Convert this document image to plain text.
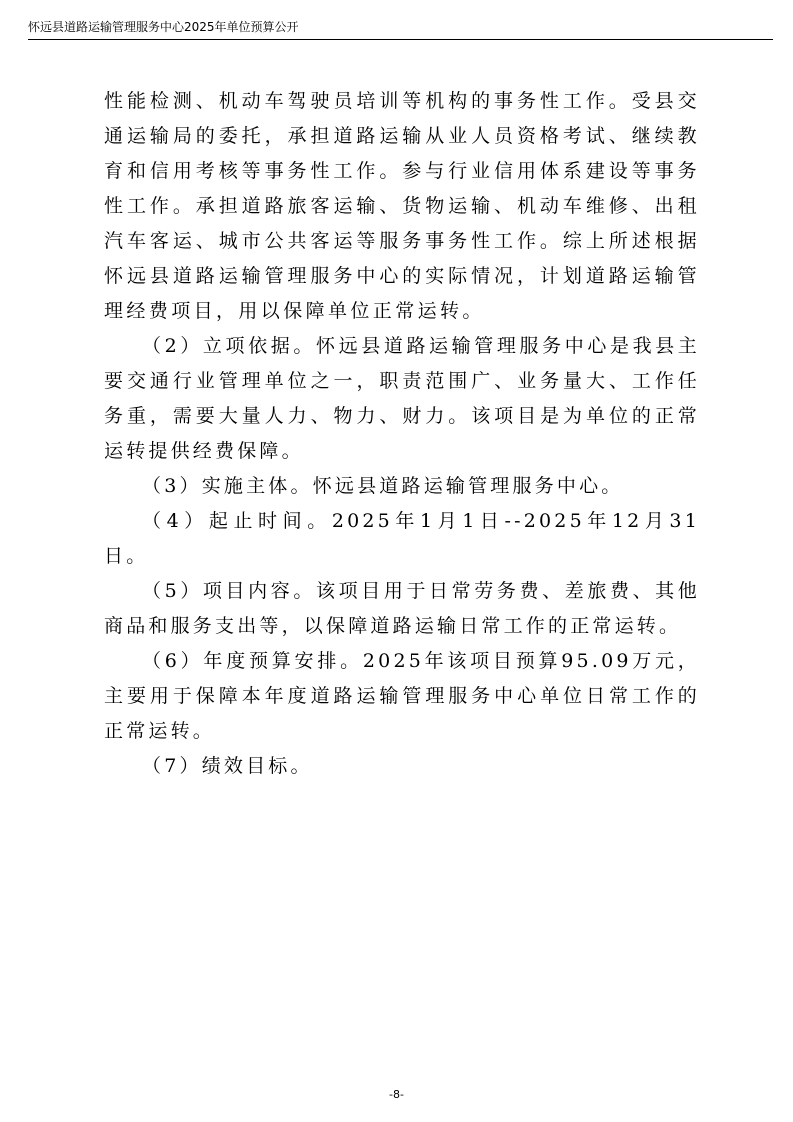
怀远县道路运输管理服务中心2025年单位预算公开

性能检测、机动车驾驶员培训等机构的事务性工作。受县交通运输局的委托，承担道路运输从业人员资格考试、继续教育和信用考核等事务性工作。参与行业信用体系建设等事务性工作。承担道路旅客运输、货物运输、机动车维修、出租汽车客运、城市公共客运等服务事务性工作。综上所述根据怀远县道路运输管理服务中心的实际情况，计划道路运输管理经费项目，用以保障单位正常运转。

（2）立项依据。怀远县道路运输管理服务中心是我县主要交通行业管理单位之一，职责范围广、业务量大、工作任务重，需要大量人力、物力、财力。该项目是为单位的正常运转提供经费保障。

（3）实施主体。怀远县道路运输管理服务中心。

（4）起止时间。2025年1月1日--2025年12月31日。

（5）项目内容。该项目用于日常劳务费、差旅费、其他商品和服务支出等，以保障道路运输日常工作的正常运转。

（6）年度预算安排。2025年该项目预算95.09万元，主要用于保障本年度道路运输管理服务中心单位日常工作的正常运转。

（7）绩效目标。

-8-
